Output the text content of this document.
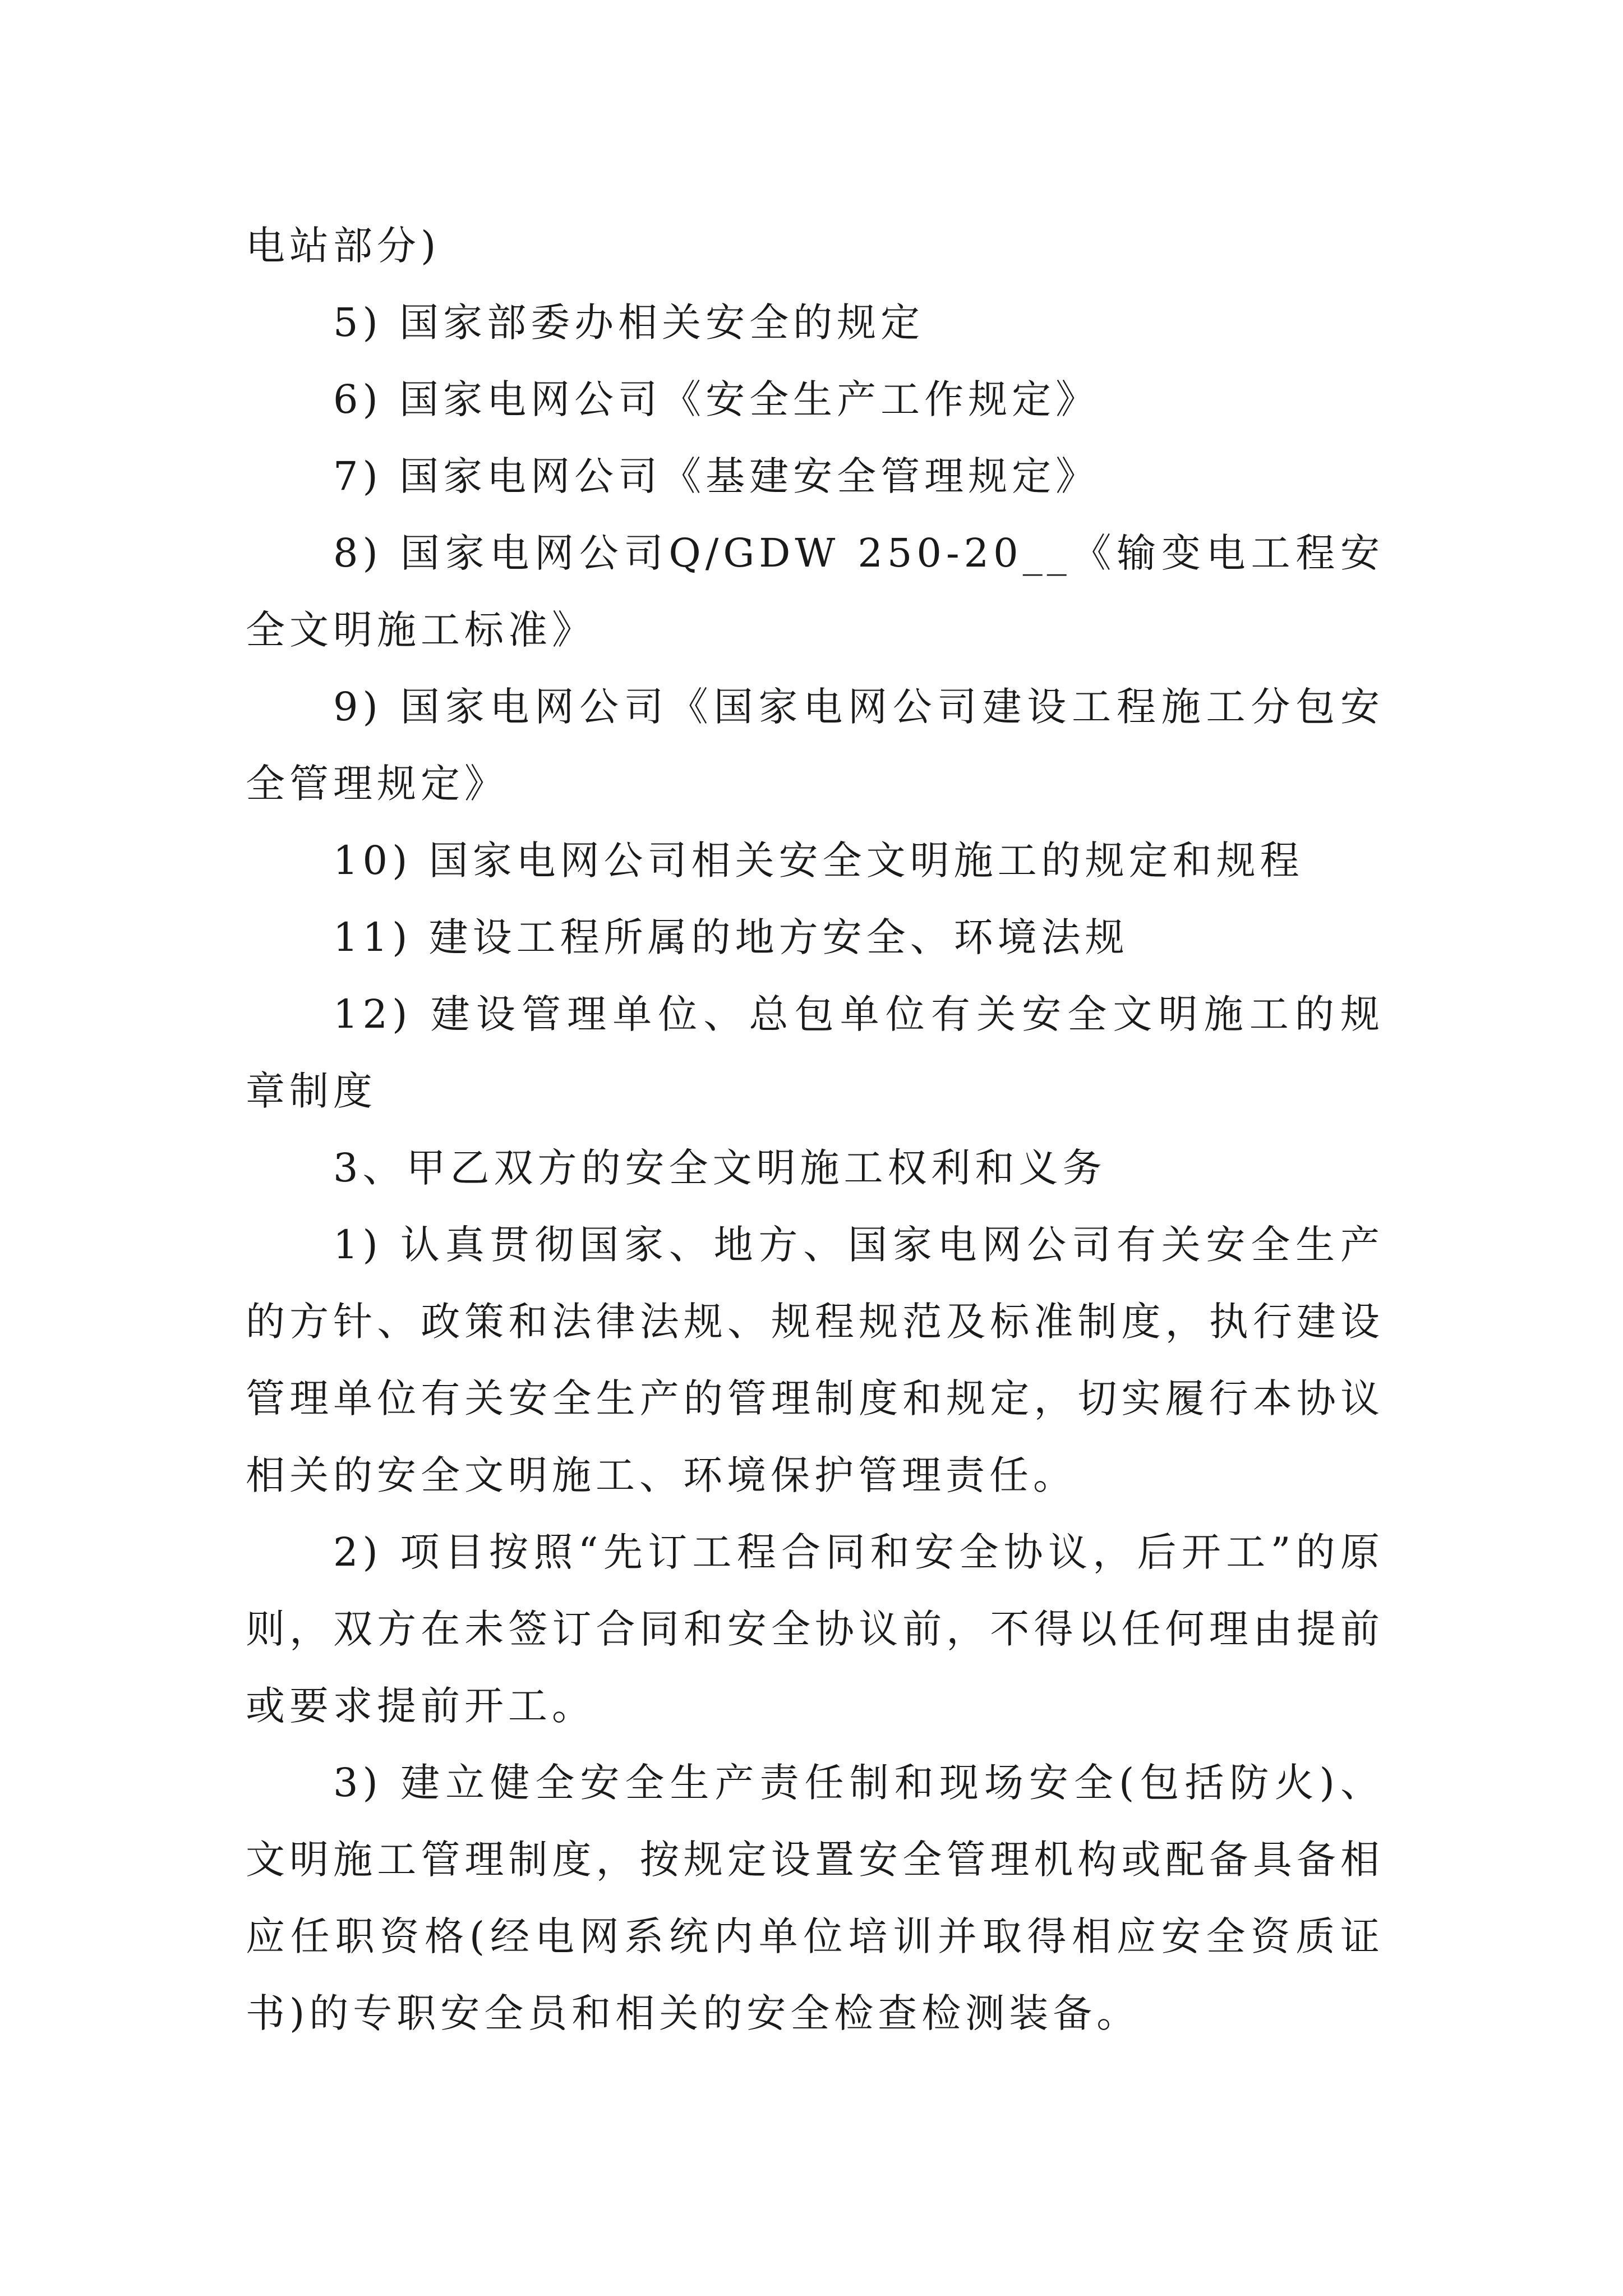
电站部分)

5) 国家部委办相关安全的规定

6) 国家电网公司《安全生产工作规定》

7) 国家电网公司《基建安全管理规定》

8) 国家电网公司Q/GDW 250-20__《输变电工程安全文明施工标准》

9) 国家电网公司《国家电网公司建设工程施工分包安全管理规定》

10) 国家电网公司相关安全文明施工的规定和规程

11) 建设工程所属的地方安全、环境法规

12) 建设管理单位、总包单位有关安全文明施工的规章制度

3、甲乙双方的安全文明施工权利和义务

1) 认真贯彻国家、地方、国家电网公司有关安全生产的方针、政策和法律法规、规程规范及标准制度，执行建设管理单位有关安全生产的管理制度和规定，切实履行本协议相关的安全文明施工、环境保护管理责任。

2) 项目按照“先订工程合同和安全协议，后开工”的原则，双方在未签订合同和安全协议前，不得以任何理由提前或要求提前开工。

3) 建立健全安全生产责任制和现场安全(包括防火)、文明施工管理制度，按规定设置安全管理机构或配备具备相应任职资格(经电网系统内单位培训并取得相应安全资质证书)的专职安全员和相关的安全检查检测装备。
